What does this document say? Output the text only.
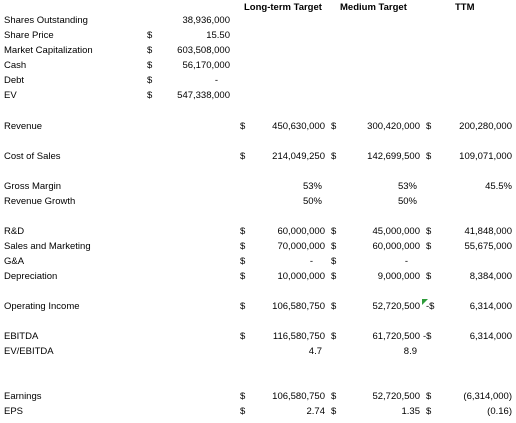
Long-term Target Medium Target	TTM
Shares Outstanding	38,936,000
Share Price	$	15.50
Market Capitalization	$	603,508,000
Cash	$	56,170,000
Debt	$	-
EV	$	547,338,000
Revenue	$	450,630,000 $	300,420,000 $	200,280,000
Cost of Sales	$	214,049,250 $	142,699,500 $	109,071,000
Gross Margin	53%	53%	45.5%
Revenue Growth	50%	50%
R&D	$	60,000,000 $	45,000,000 $	41,848,000
Sales and Marketing	$	70,000,000 $	60,000,000 $	55,675,000
G&A	$	- $	-
Depreciation	$	10,000,000 $	9,000,000 $	8,384,000
Operating Income	$	106,580,750 $	52,720,500 -$	6,314,000
EBITDA	$	116,580,750 $	61,720,500 -$	6,314,000
EV/EBITDA	4.7	8.9
Earnings	$	106,580,750 $	52,720,500 $	(6,314,000)
EPS	$	2.74 $	1.35 $	(0.16)
